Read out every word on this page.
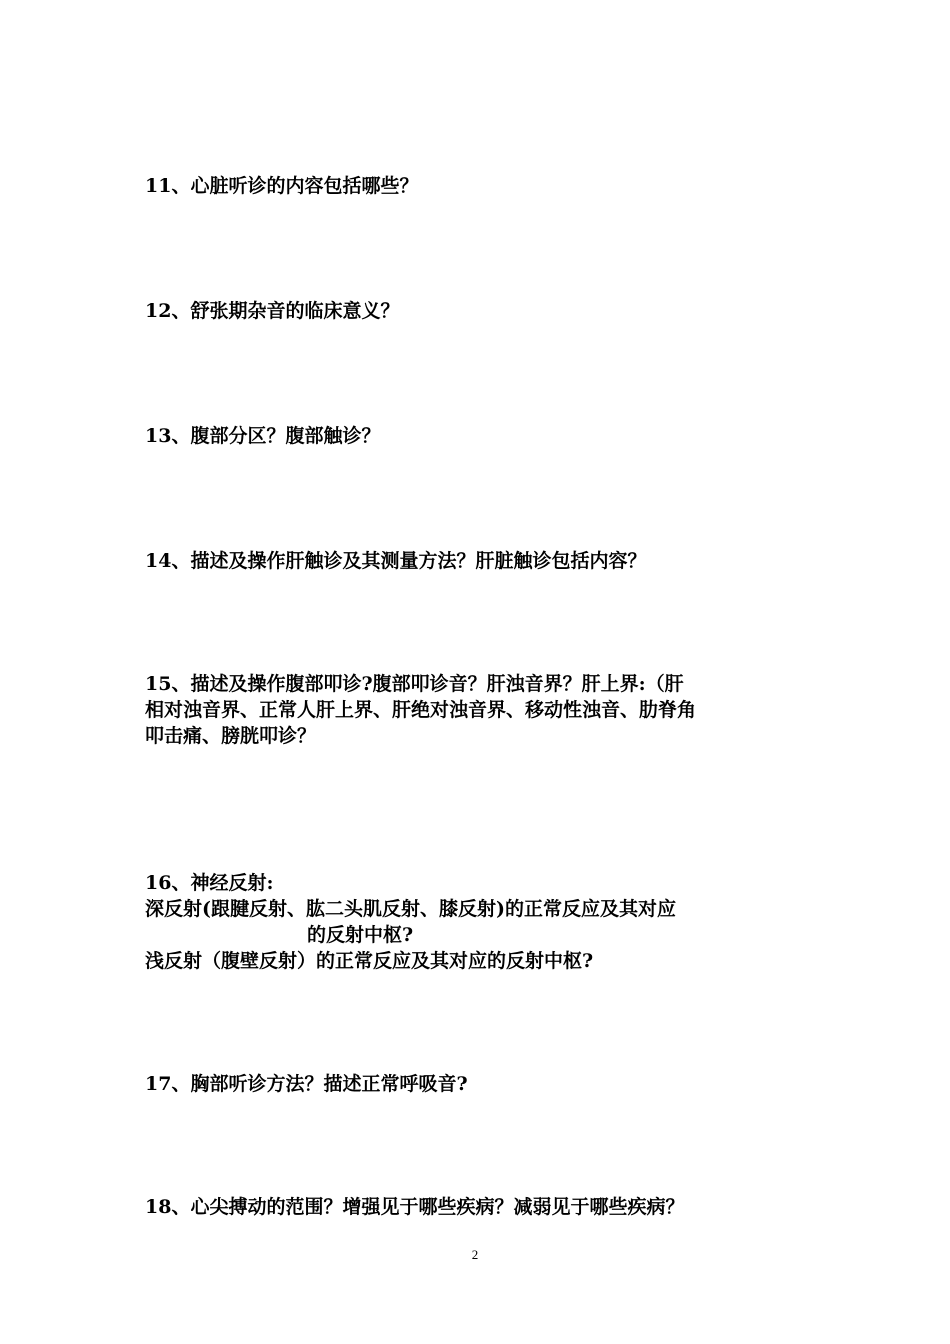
11、心脏听诊的内容包括哪些？
12、舒张期杂音的临床意义？
13、腹部分区？腹部触诊？
14、描述及操作肝触诊及其测量方法？肝脏触诊包括内容？
15、描述及操作腹部叩诊?腹部叩诊音？肝浊音界？肝上界:（肝
相对浊音界、正常人肝上界、肝绝对浊音界、移动性浊音、肋脊角
叩击痛、膀胱叩诊？
16、神经反射:
深反射(跟腱反射、肱二头肌反射、膝反射)的正常反应及其对应
的反射中枢?
浅反射（腹壁反射）的正常反应及其对应的反射中枢?
17、胸部听诊方法？描述正常呼吸音?
18、心尖搏动的范围？增强见于哪些疾病？减弱见于哪些疾病？
2
